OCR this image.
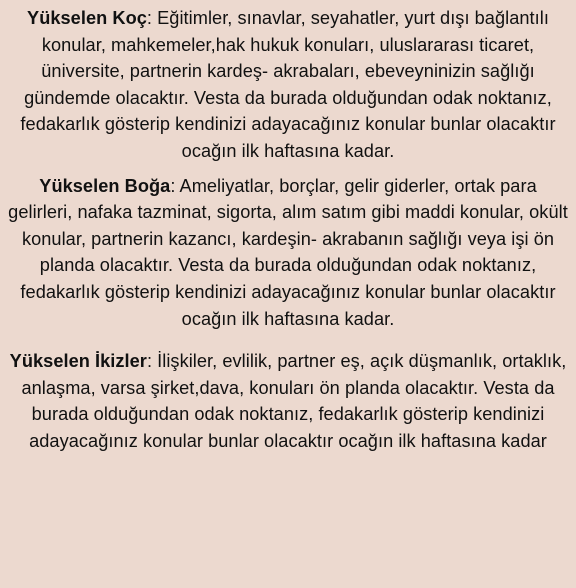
Yükselen Koç: Eğitimler, sınavlar, seyahatler, yurt dışı bağlantılı konular, mahkemeler,hak hukuk konuları, uluslararası ticaret, üniversite, partnerin kardeş- akrabaları, ebeveyninizin sağlığı gündemde olacaktır. Vesta da burada olduğundan odak noktanız, fedakarlık gösterip kendinizi adayacağınız konular bunlar olacaktır ocağın ilk haftasına kadar.

Yükselen Boğa: Ameliyatlar, borçlar, gelir giderler, ortak para gelirleri, nafaka tazminat, sigorta, alım satım gibi maddi konular, okült konular, partnerin kazancı, kardeşin- akrabanın sağlığı veya işi ön planda olacaktır. Vesta da burada olduğundan odak noktanız, fedakarlık gösterip kendinizi adayacağınız konular bunlar olacaktır ocağın ilk haftasına kadar.

Yükselen İkizler: İlişkiler, evlilik, partner eş, açık düşmanlık, ortaklık, anlaşma, varsa şirket,dava, konuları ön planda olacaktır. Vesta da burada olduğundan odak noktanız, fedakarlık gösterip kendinizi adayacağınız konular bunlar olacaktır ocağın ilk haftasına kadar
